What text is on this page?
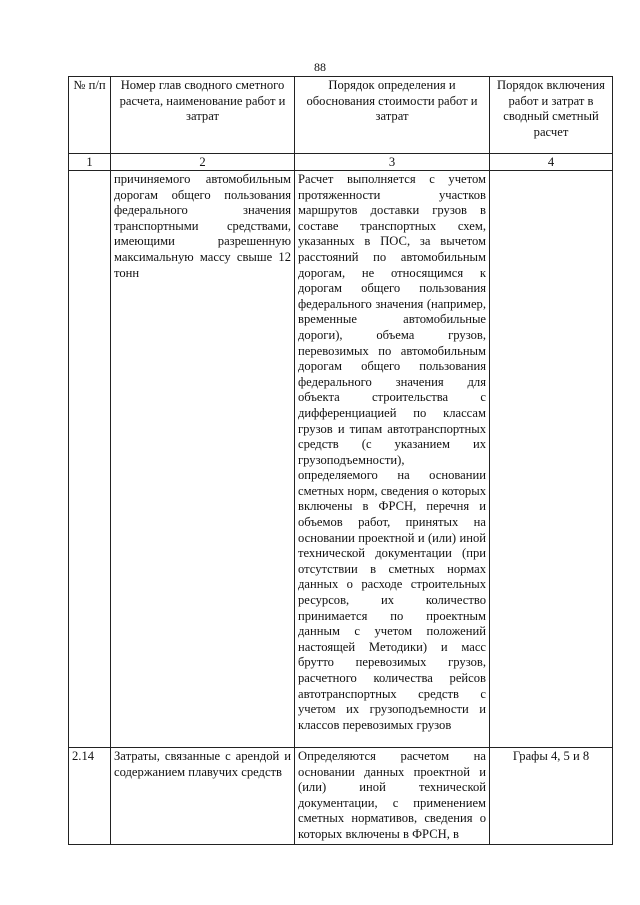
88
№ п/п	Номер глав сводного сметного расчета, наименование работ и затрат	Порядок определения и обоснования стоимости работ и затрат	Порядок включения работ и затрат в сводный сметный расчет
1	2	3	4
	причиняемого автомобильным дорогам общего пользования федерального значения транспортными средствами, имеющими разрешенную максимальную массу свыше 12 тонн	Расчет выполняется с учетом протяженности участков маршрутов доставки грузов в составе транспортных схем, указанных в ПОС, за вычетом расстояний по автомобильным дорогам, не относящимся к дорогам общего пользования федерального значения (например, временные автомобильные дороги), объема грузов, перевозимых по автомобильным дорогам общего пользования федерального значения для объекта строительства с дифференциацией по классам грузов и типам автотранспортных средств (с указанием их грузоподъемности), определяемого на основании сметных норм, сведения о которых включены в ФРСН, перечня и объемов работ, принятых на основании проектной и (или) иной технической документации (при отсутствии в сметных нормах данных о расходе строительных ресурсов, их количество принимается по проектным данным с учетом положений настоящей Методики) и масс брутто перевозимых грузов, расчетного количества рейсов автотранспортных средств с учетом их грузоподъемности и классов перевозимых грузов	
2.14	Затраты, связанные с арендой и содержанием плавучих средств	Определяются расчетом на основании данных проектной и (или) иной технической документации, с применением сметных нормативов, сведения о которых включены в ФРСН, в	Графы 4, 5 и 8
